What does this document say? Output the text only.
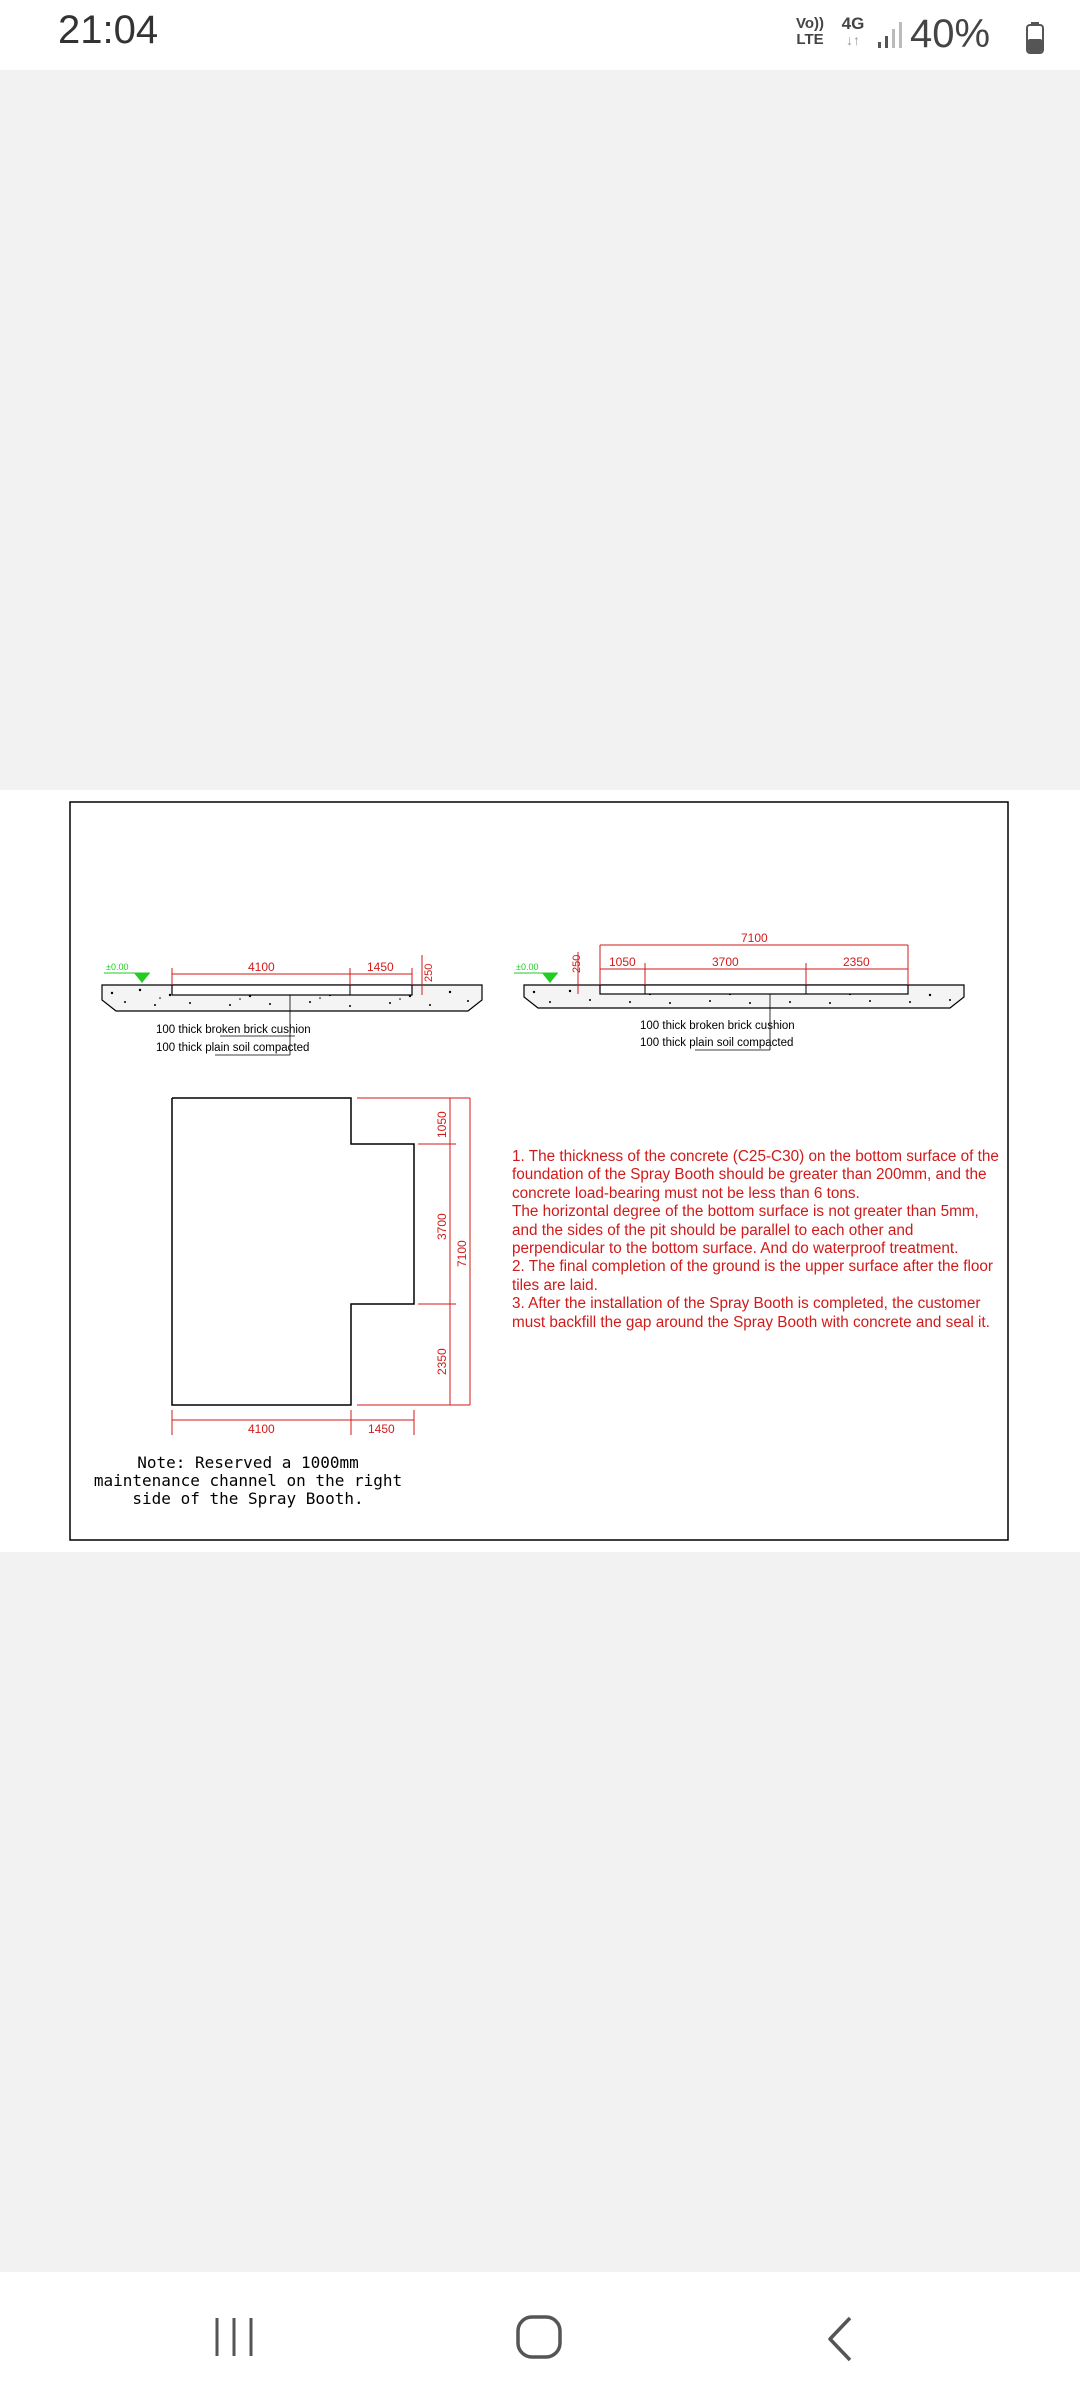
21:04	Vo))
LTE
4G
↓↑ 40%
±0.00	4100	1450	250
100 thick broken brick cushion
100 thick plain soil compacted
±0.00
7100
1050	3700	2350
250
100 thick broken brick cushion
100 thick plain soil compacted
1050
3700
2350
7100
4100	1450
Note: Reserved a 1000mm
maintenance channel on the right
side of the Spray Booth.
1. The thickness of the concrete (C25-C30) on the bottom surface of the foundation of the Spray Booth should be greater than 200mm, and the concrete load-bearing must not be less than 6 tons.
The horizontal degree of the bottom surface is not greater than 5mm, and the sides of the pit should be parallel to each other and perpendicular to the bottom surface. And do waterproof treatment.
2. The final completion of the ground is the upper surface after the floor tiles are laid.
3. After the installation of the Spray Booth is completed, the customer must backfill the gap around the Spray Booth with concrete and seal it.
